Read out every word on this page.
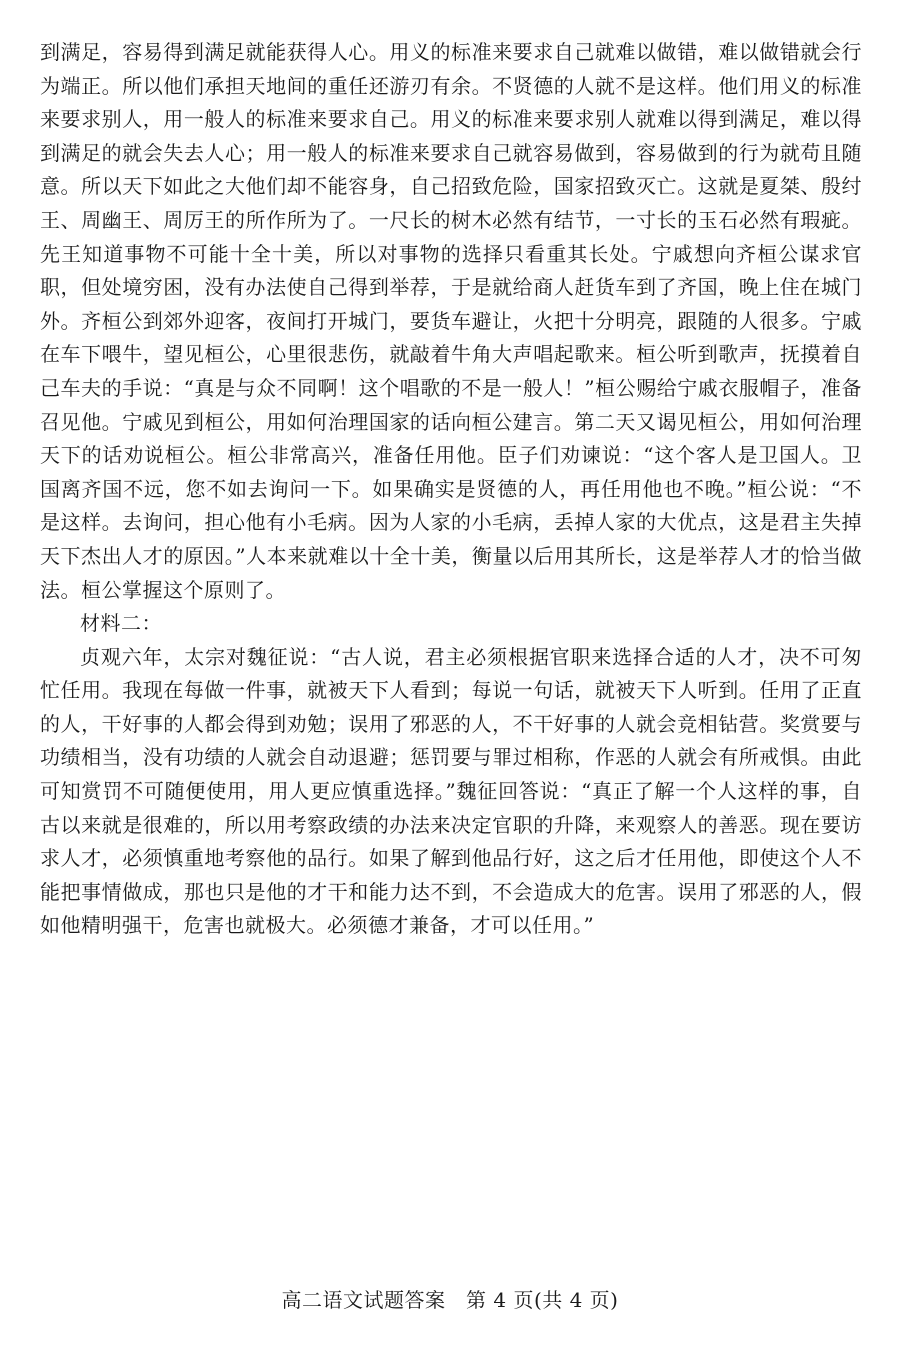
到满足，容易得到满足就能获得人心。用义的标准来要求自己就难以做错，难以做错就会行为端正。所以他们承担天地间的重任还游刃有余。不贤德的人就不是这样。他们用义的标准来要求别人，用一般人的标准来要求自己。用义的标准来要求别人就难以得到满足，难以得到满足的就会失去人心；用一般人的标准来要求自己就容易做到，容易做到的行为就苟且随意。所以天下如此之大他们却不能容身，自己招致危险，国家招致灭亡。这就是夏桀、殷纣王、周幽王、周厉王的所作所为了。一尺长的树木必然有结节，一寸长的玉石必然有瑕疵。先王知道事物不可能十全十美，所以对事物的选择只看重其长处。宁戚想向齐桓公谋求官职，但处境穷困，没有办法使自己得到举荐，于是就给商人赶货车到了齐国，晚上住在城门外。齐桓公到郊外迎客，夜间打开城门，要货车避让，火把十分明亮，跟随的人很多。宁戚在车下喂牛，望见桓公，心里很悲伤，就敲着牛角大声唱起歌来。桓公听到歌声，抚摸着自己车夫的手说：“真是与众不同啊！这个唱歌的不是一般人！”桓公赐给宁戚衣服帽子，准备召见他。宁戚见到桓公，用如何治理国家的话向桓公建言。第二天又谒见桓公，用如何治理天下的话劝说桓公。桓公非常高兴，准备任用他。臣子们劝谏说：“这个客人是卫国人。卫国离齐国不远，您不如去询问一下。如果确实是贤德的人，再任用他也不晚。”桓公说：“不是这样。去询问，担心他有小毛病。因为人家的小毛病，丢掉人家的大优点，这是君主失掉天下杰出人才的原因。”人本来就难以十全十美，衡量以后用其所长，这是举荐人才的恰当做法。桓公掌握这个原则了。

材料二：

贞观六年，太宗对魏征说：“古人说，君主必须根据官职来选择合适的人才，决不可匆忙任用。我现在每做一件事，就被天下人看到；每说一句话，就被天下人听到。任用了正直的人，干好事的人都会得到劝勉；误用了邪恶的人，不干好事的人就会竞相钻营。奖赏要与功绩相当，没有功绩的人就会自动退避；惩罚要与罪过相称，作恶的人就会有所戒惧。由此可知赏罚不可随便使用，用人更应慎重选择。”魏征回答说：“真正了解一个人这样的事，自古以来就是很难的，所以用考察政绩的办法来决定官职的升降，来观察人的善恶。现在要访求人才，必须慎重地考察他的品行。如果了解到他品行好，这之后才任用他，即使这个人不能把事情做成，那也只是他的才干和能力达不到，不会造成大的危害。误用了邪恶的人，假如他精明强干，危害也就极大。必须德才兼备，才可以任用。”

高二语文试题答案　第 4 页(共 4 页)
